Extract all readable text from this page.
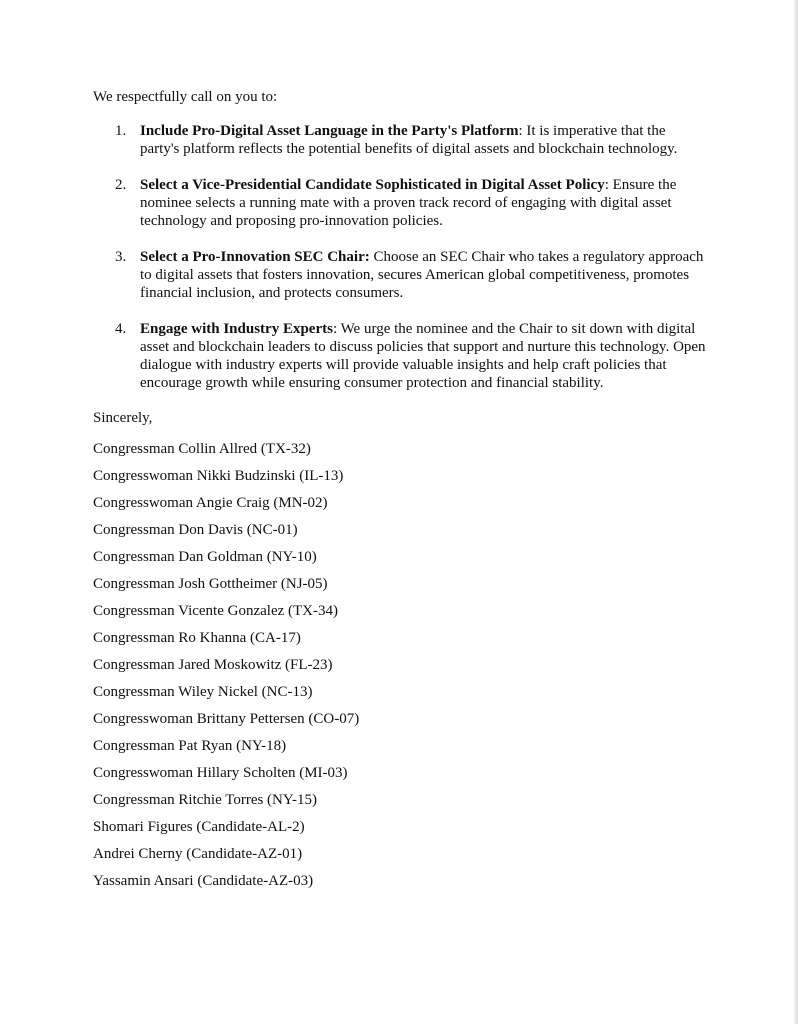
We respectfully call on you to:

1. Include Pro-Digital Asset Language in the Party's Platform: It is imperative that the party's platform reflects the potential benefits of digital assets and blockchain technology.
2. Select a Vice-Presidential Candidate Sophisticated in Digital Asset Policy: Ensure the nominee selects a running mate with a proven track record of engaging with digital asset technology and proposing pro-innovation policies.
3. Select a Pro-Innovation SEC Chair: Choose an SEC Chair who takes a regulatory approach to digital assets that fosters innovation, secures American global competitiveness, promotes financial inclusion, and protects consumers.
4. Engage with Industry Experts: We urge the nominee and the Chair to sit down with digital asset and blockchain leaders to discuss policies that support and nurture this technology. Open dialogue with industry experts will provide valuable insights and help craft policies that encourage growth while ensuring consumer protection and financial stability.

Sincerely,

Congressman Collin Allred (TX-32)
Congresswoman Nikki Budzinski (IL-13)
Congresswoman Angie Craig (MN-02)
Congressman Don Davis (NC-01)
Congressman Dan Goldman (NY-10)
Congressman Josh Gottheimer (NJ-05)
Congressman Vicente Gonzalez (TX-34)
Congressman Ro Khanna (CA-17)
Congressman Jared Moskowitz (FL-23)
Congressman Wiley Nickel (NC-13)
Congresswoman Brittany Pettersen (CO-07)
Congressman Pat Ryan (NY-18)
Congresswoman Hillary Scholten (MI-03)
Congressman Ritchie Torres (NY-15)
Shomari Figures (Candidate-AL-2)
Andrei Cherny (Candidate-AZ-01)
Yassamin Ansari (Candidate-AZ-03)
